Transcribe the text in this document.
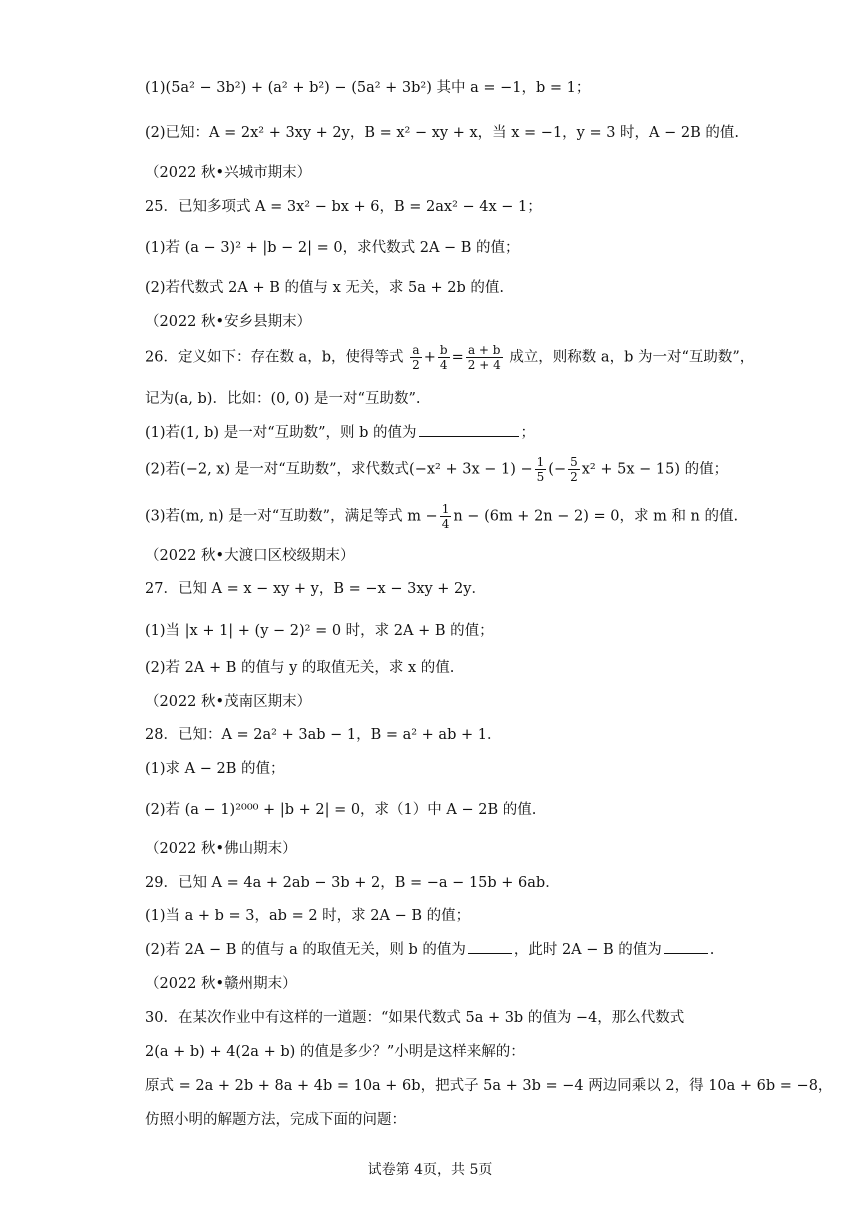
(1)(5a² − 3b²) + (a² + b²) − (5a² + 3b²) 其中 a = −1，b = 1；
(2)已知：A = 2x² + 3xy + 2y，B = x² − xy + x，当 x = −1，y = 3 时，A − 2B 的值.
（2022 秋•兴城市期末）
25．已知多项式 A = 3x² − bx + 6，B = 2ax² − 4x − 1；
(1)若 (a − 3)² + |b − 2| = 0，求代数式 2A − B 的值；
(2)若代数式 2A + B 的值与 x 无关，求 5a + 2b 的值.
（2022 秋•安乡县期末）
26．定义如下：存在数 a，b，使得等式 $\frac{a}{2} + \frac{b}{4} = \frac{a + b}{2 + 4}$ 成立，则称数 a，b 为一对“互助数”，
记为(a, b)．比如：(0, 0) 是一对“互助数”.
(1)若(1, b) 是一对“互助数”，则 b 的值为	；
(2)若(−2, x) 是一对“互助数”，求代数式$(-x^2 + 3x - 1) - \frac{1}{5}$ (− $\frac{5}{2} x^2 + 5x - 15$) 的值；
(3)若(m, n) 是一对“互助数”，满足等式 $m - \frac{1}{4}$ n − (6m + 2n − 2) = 0，求 m 和 n 的值.
（2022 秋•大渡口区校级期末）
27．已知 A = x − xy + y，B = −x − 3xy + 2y．
(1)当 |x + 1| + (y − 2)² = 0 时，求 2A + B 的值；
(2)若 2A + B 的值与 y 的取值无关，求 x 的值.
（2022 秋•茂南区期末）
28．已知：A = 2a² + 3ab − 1，B = a² + ab + 1．
(1)求 A − 2B 的值；
(2)若 (a − 1)²⁰⁰⁰ + |b + 2| = 0，求（1）中 A − 2B 的值.
（2022 秋•佛山期末）
29．已知 A = 4a + 2ab − 3b + 2，B = −a − 15b + 6ab．
(1)当 a + b = 3，ab = 2 时，求 2A − B 的值；
(2)若 2A − B 的值与 a 的取值无关，则 b 的值为	，此时 2A − B 的值为	.
（2022 秋•赣州期末）
30．在某次作业中有这样的一道题：“如果代数式 5a + 3b 的值为 −4，那么代数式
2(a + b) + 4(2a + b) 的值是多少？”小明是这样来解的：
原式 = 2a + 2b + 8a + 4b = 10a + 6b，把式子 5a + 3b = −4 两边同乘以 2，得 10a + 6b = −8，
仿照小明的解题方法，完成下面的问题：
试卷第 4页，共 5页
